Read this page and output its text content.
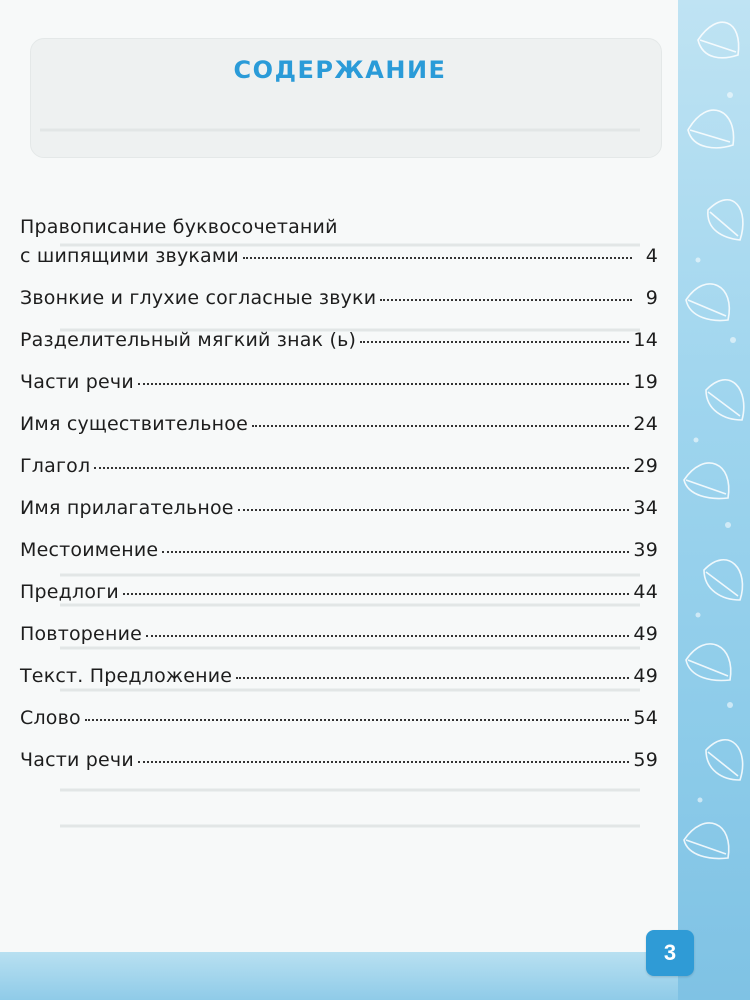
СОДЕРЖАНИЕ
Правописание буквосочетаний
с шипящими звуками	4
Звонкие и глухие согласные звуки	9
Разделительный мягкий знак (ь)	14
Части речи	19
Имя существительное	24
Глагол	29
Имя прилагательное	34
Местоимение	39
Предлоги	44
Повторение	49
Текст. Предложение	49
Слово	54
Части речи	59
3
